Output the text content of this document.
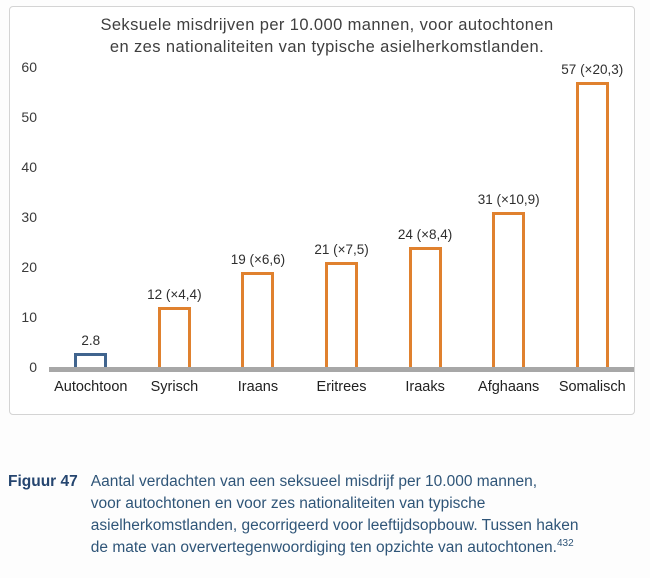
Seksuele misdrijven per 10.000 mannen, voor autochtonen en zes nationaliteiten van typische asielherkomstlanden.
2.8
12 (×4,4)
19 (×6,6)
21 (×7,5)
24 (×8,4)
31 (×10,9)
57 (×20,3)
Autochtoon	Syrisch	Iraans	Eritrees	Iraaks	Afghaans	Somalisch
0
10
20
30
40
50
60
Figuur 47 Aantal verdachten van een seksueel misdrijf per 10.000 mannen,
voor autochtonen en voor zes nationaliteiten van typische
asielherkomstlanden, gecorrigeerd voor leeftijdsopbouw. Tussen haken
de mate van oververtegenwoordiging ten opzichte van autochtonen.$^{432}$
